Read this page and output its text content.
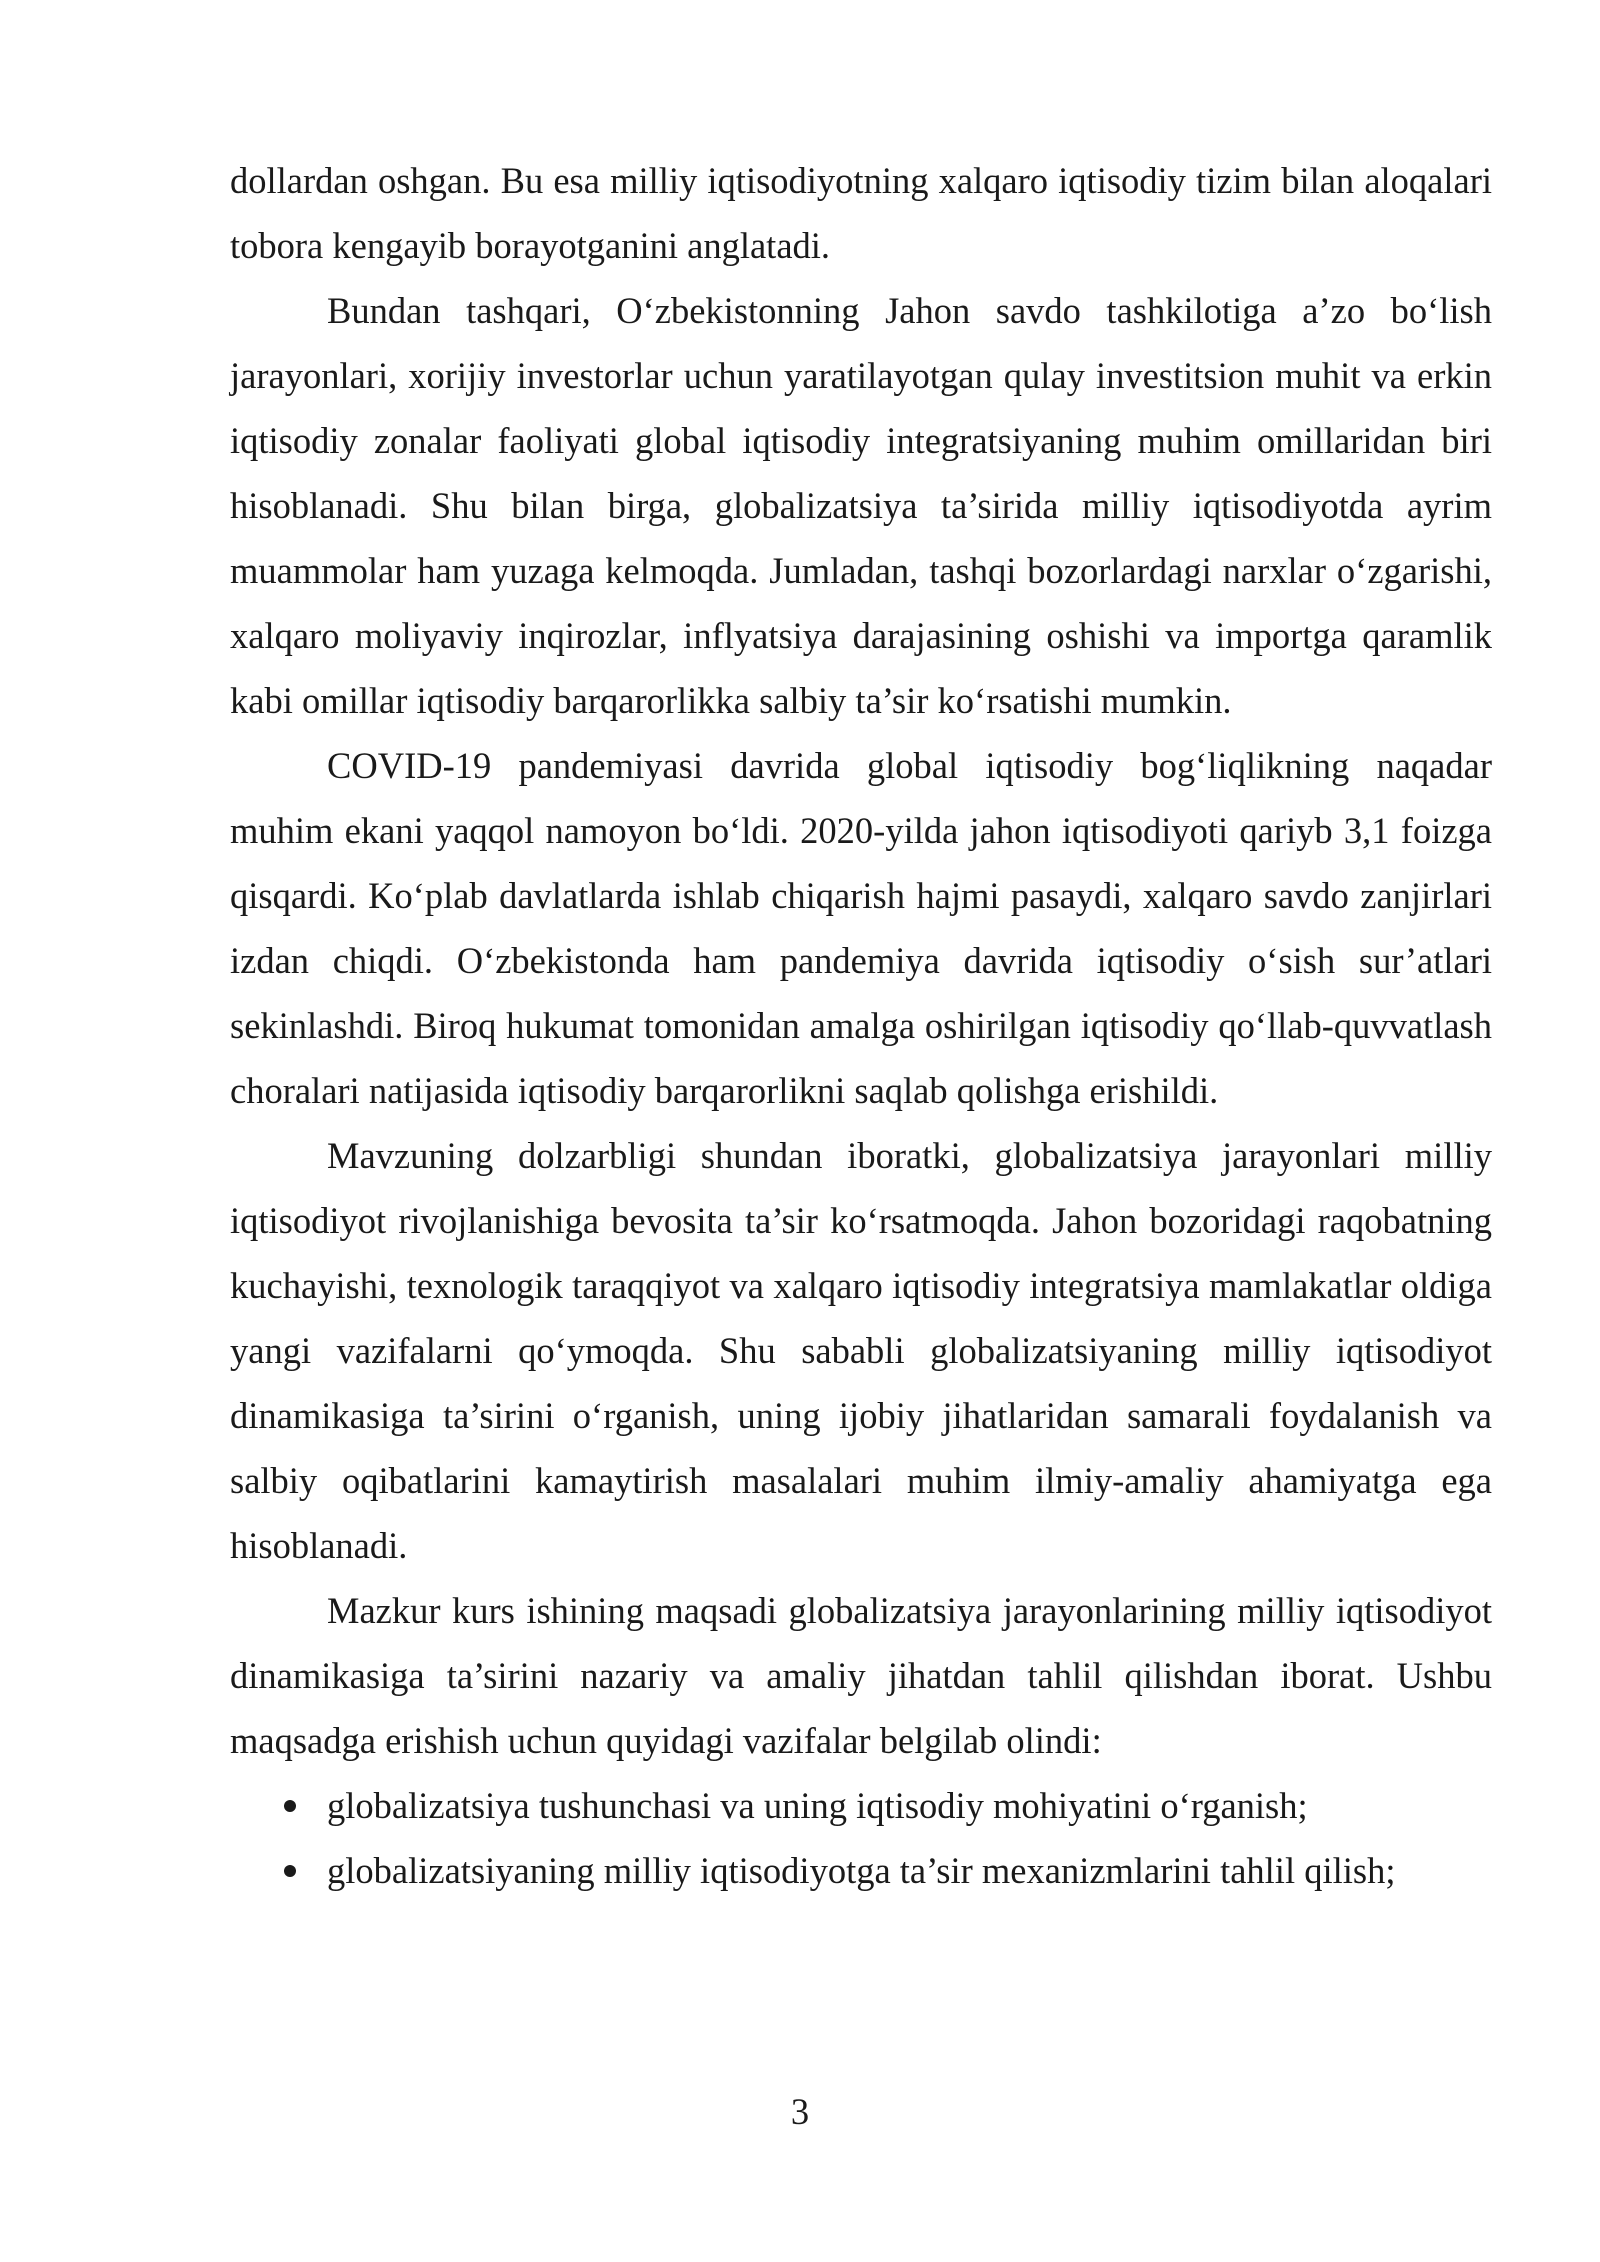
dollardan oshgan. Bu esa milliy iqtisodiyotning xalqaro iqtisodiy tizim bilan aloqalari tobora kengayib borayotganini anglatadi.

Bundan tashqari, O‘zbekistonning Jahon savdo tashkilotiga a’zo bo‘lish jarayonlari, xorijiy investorlar uchun yaratilayotgan qulay investitsion muhit va erkin iqtisodiy zonalar faoliyati global iqtisodiy integratsiyaning muhim omillaridan biri hisoblanadi. Shu bilan birga, globalizatsiya ta’sirida milliy iqtisodiyotda ayrim muammolar ham yuzaga kelmoqda. Jumladan, tashqi bozorlardagi narxlar o‘zgarishi, xalqaro moliyaviy inqirozlar, inflyatsiya darajasining oshishi va importga qaramlik kabi omillar iqtisodiy barqarorlikka salbiy ta’sir ko‘rsatishi mumkin.

COVID-19 pandemiyasi davrida global iqtisodiy bog‘liqlikning naqadar muhim ekani yaqqol namoyon bo‘ldi. 2020-yilda jahon iqtisodiyoti qariyb 3,1 foizga qisqardi. Ko‘plab davlatlarda ishlab chiqarish hajmi pasaydi, xalqaro savdo zanjirlari izdan chiqdi. O‘zbekistonda ham pandemiya davrida iqtisodiy o‘sish sur’atlari sekinlashdi. Biroq hukumat tomonidan amalga oshirilgan iqtisodiy qo‘llab-quvvatlash choralari natijasida iqtisodiy barqarorlikni saqlab qolishga erishildi.

Mavzuning dolzarbligi shundan iboratki, globalizatsiya jarayonlari milliy iqtisodiyot rivojlanishiga bevosita ta’sir ko‘rsatmoqda. Jahon bozoridagi raqobatning kuchayishi, texnologik taraqqiyot va xalqaro iqtisodiy integratsiya mamlakatlar oldiga yangi vazifalarni qo‘ymoqda. Shu sababli globalizatsiyaning milliy iqtisodiyot dinamikasiga ta’sirini o‘rganish, uning ijobiy jihatlaridan samarali foydalanish va salbiy oqibatlarini kamaytirish masalalari muhim ilmiy-amaliy ahamiyatga ega hisoblanadi.

Mazkur kurs ishining maqsadi globalizatsiya jarayonlarining milliy iqtisodiyot dinamikasiga ta’sirini nazariy va amaliy jihatdan tahlil qilishdan iborat. Ushbu maqsadga erishish uchun quyidagi vazifalar belgilab olindi:

globalizatsiya tushunchasi va uning iqtisodiy mohiyatini o‘rganish;
globalizatsiyaning milliy iqtisodiyotga ta’sir mexanizmlarini tahlil qilish;
3
